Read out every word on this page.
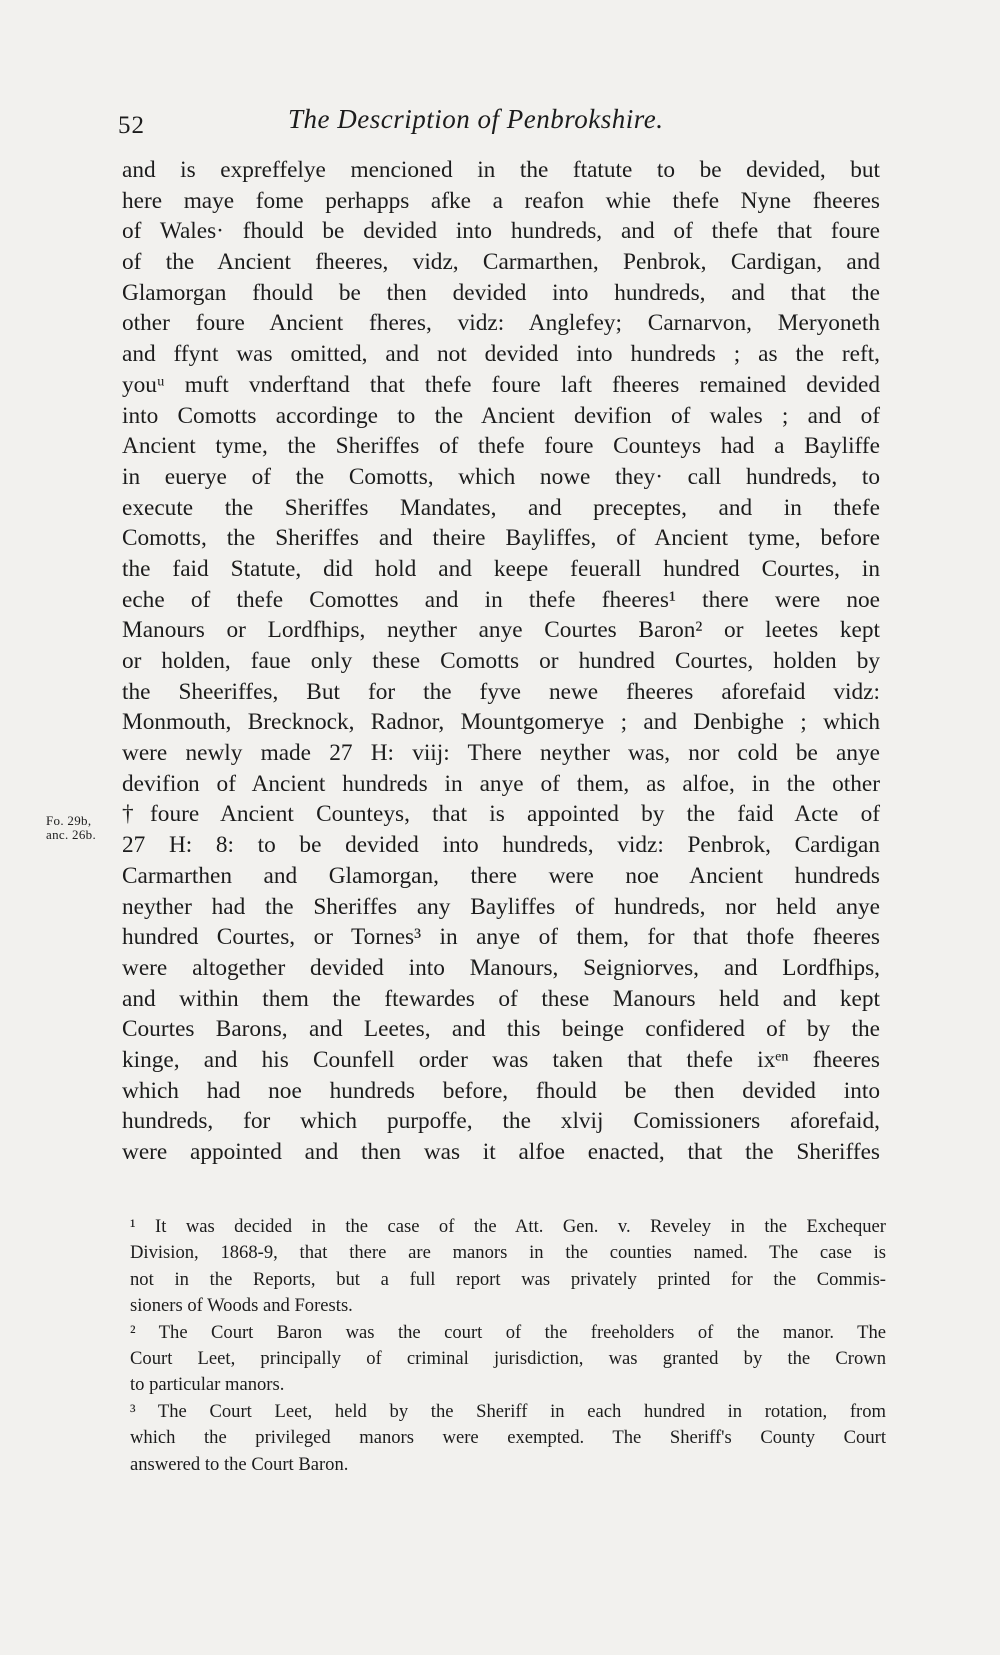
52	The Description of Penbrokshire.
and is expreffelye mencioned in the ftatute to be devided, but
here maye fome perhapps afke a reafon whie thefe Nyne fheeres
of Wales· fhould be devided into hundreds, and of thefe that foure
of the Ancient fheeres, vidz, Carmarthen, Penbrok, Cardigan, and
Glamorgan fhould be then devided into hundreds, and that the
other foure Ancient fheres, vidz: Anglefey; Carnarvon, Meryoneth
and ffynt was omitted, and not devided into hundreds ; as the reft,
youᵘ muft vnderftand that thefe foure laft fheeres remained devided
into Comotts accordinge to the Ancient devifion of wales ; and of
Ancient tyme, the Sheriffes of thefe foure Counteys had a Bayliffe
in euerye of the Comotts, which nowe they· call hundreds, to
execute the Sheriffes Mandates, and preceptes, and in thefe
Comotts, the Sheriffes and theire Bayliffes, of Ancient tyme, before
the faid Statute, did hold and keepe feuerall hundred Courtes, in
eche of thefe Comottes and in thefe fheeres¹ there were noe
Manours or Lordfhips, neyther anye Courtes Baron² or leetes kept
or holden, faue only these Comotts or hundred Courtes, holden by
the Sheeriffes, But for the fyve newe fheeres aforefaid vidz:
Monmouth, Brecknock, Radnor, Mountgomerye ; and Denbighe ; which
were newly made 27 H: viij: There neyther was, nor cold be anye
devifion of Ancient hundreds in anye of them, as alfoe, in the other
†foure Ancient Counteys, that is appointed by the faid Acte of
27 H: 8: to be devided into hundreds, vidz: Penbrok, Cardigan
Carmarthen and Glamorgan, there were noe Ancient hundreds
neyther had the Sheriffes any Bayliffes of hundreds, nor held anye
hundred Courtes, or Tornes³ in anye of them, for that thofe fheeres
were altogether devided into Manours, Seigniorves, and Lordfhips,
and within them the ftewardes of these Manours held and kept
Courtes Barons, and Leetes, and this beinge confidered of by the
kinge, and his Counfell order was taken that thefe ixᵉⁿ fheeres
which had noe hundreds before, fhould be then devided into
hundreds, for which purpoffe, the xlvij Comissioners aforefaid,
were appointed and then was it alfoe enacted, that the Sheriffes
Fo. 29b,
anc. 26b.
¹ It was decided in the case of the Att. Gen. v. Reveley in the Exchequer
Division, 1868-9, that there are manors in the counties named. The case is
not in the Reports, but a full report was privately printed for the Commis-
sioners of Woods and Forests.
² The Court Baron was the court of the freeholders of the manor. The
Court Leet, principally of criminal jurisdiction, was granted by the Crown
to particular manors.
³ The Court Leet, held by the Sheriff in each hundred in rotation, from
which the privileged manors were exempted. The Sheriff's County Court
answered to the Court Baron.
